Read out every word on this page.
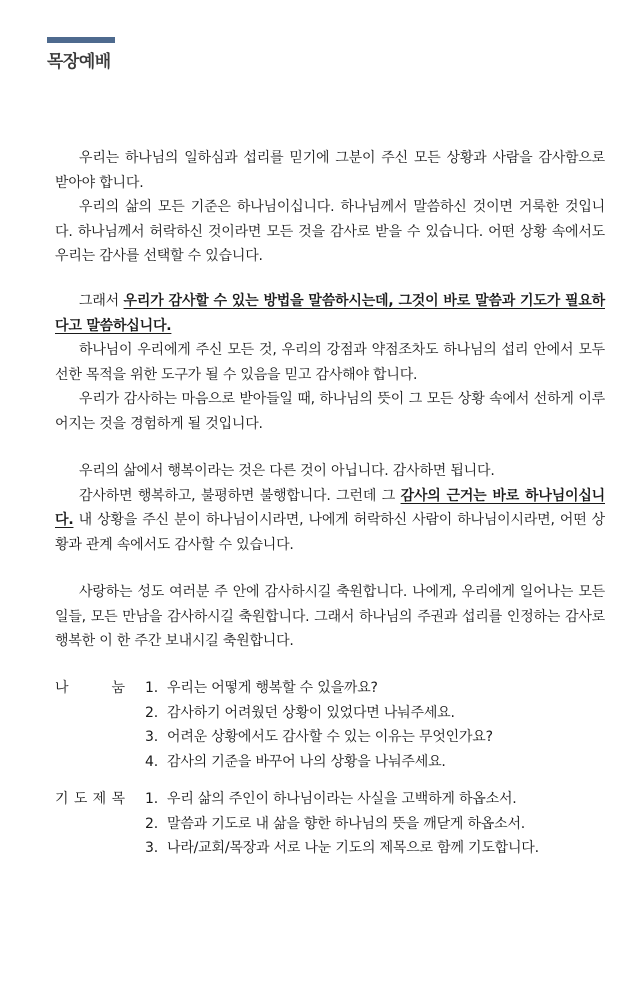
목장예배

우리는 하나님의 일하심과 섭리를 믿기에 그분이 주신 모든 상황과 사람을 감사함으로 받아야 합니다.

우리의 삶의 모든 기준은 하나님이십니다. 하나님께서 말씀하신 것이면 거룩한 것입니다. 하나님께서 허락하신 것이라면 모든 것을 감사로 받을 수 있습니다. 어떤 상황 속에서도 우리는 감사를 선택할 수 있습니다.

그래서 우리가 감사할 수 있는 방법을 말씀하시는데, 그것이 바로 말씀과 기도가 필요하다고 말씀하십니다.

하나님이 우리에게 주신 모든 것, 우리의 강점과 약점조차도 하나님의 섭리 안에서 모두 선한 목적을 위한 도구가 될 수 있음을 믿고 감사해야 합니다.

우리가 감사하는 마음으로 받아들일 때, 하나님의 뜻이 그 모든 상황 속에서 선하게 이루어지는 것을 경험하게 될 것입니다.

우리의 삶에서 행복이라는 것은 다른 것이 아닙니다. 감사하면 됩니다.

감사하면 행복하고, 불평하면 불행합니다. 그런데 그 감사의 근거는 바로 하나님이십니다. 내 상황을 주신 분이 하나님이시라면, 나에게 허락하신 사람이 하나님이시라면, 어떤 상황과 관계 속에서도 감사할 수 있습니다.

사랑하는 성도 여러분 주 안에 감사하시길 축원합니다. 나에게, 우리에게 일어나는 모든 일들, 모든 만남을 감사하시길 축원합니다. 그래서 하나님의 주권과 섭리를 인정하는 감사로 행복한 이 한 주간 보내시길 축원합니다.

나	눔 1. 우리는 어떻게 행복할 수 있을까요?
2. 감사하기 어려웠던 상황이 있었다면 나눠주세요.
3. 어려운 상황에서도 감사할 수 있는 이유는 무엇인가요?
4. 감사의 기준을 바꾸어 나의 상황을 나눠주세요.
기 도 제 목 1. 우리 삶의 주인이 하나님이라는 사실을 고백하게 하옵소서.
2. 말씀과 기도로 내 삶을 향한 하나님의 뜻을 깨닫게 하옵소서.
3. 나라/교회/목장과 서로 나눈 기도의 제목으로 함께 기도합니다.
